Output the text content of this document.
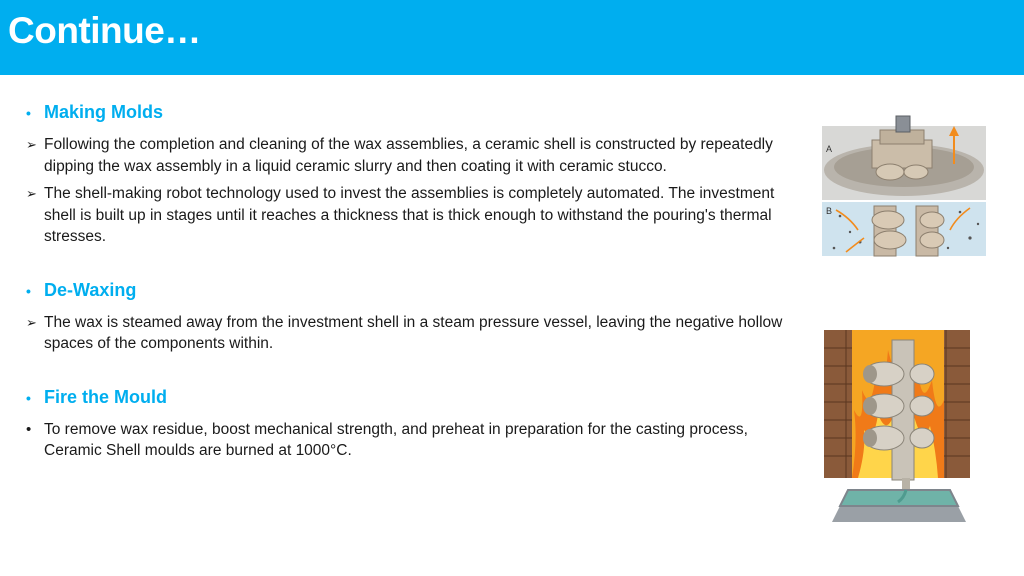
Continue…
• Making Molds
➢ Following the completion and cleaning of the wax assemblies, a ceramic shell is constructed by repeatedly dipping the wax assembly in a liquid ceramic slurry and then coating it with ceramic stucco.
➢ The shell-making robot technology used to invest the assemblies is completely automated. The investment shell is built up in stages until it reaches a thickness that is thick enough to withstand the pouring's thermal stresses.
• De-Waxing
➢ The wax is steamed away from the investment shell in a steam pressure vessel, leaving the negative hollow spaces of the components within.
• Fire the Mould
• To remove wax residue, boost mechanical strength, and preheat in preparation for the casting process, Ceramic Shell moulds are burned at 1000°C.
A
B
